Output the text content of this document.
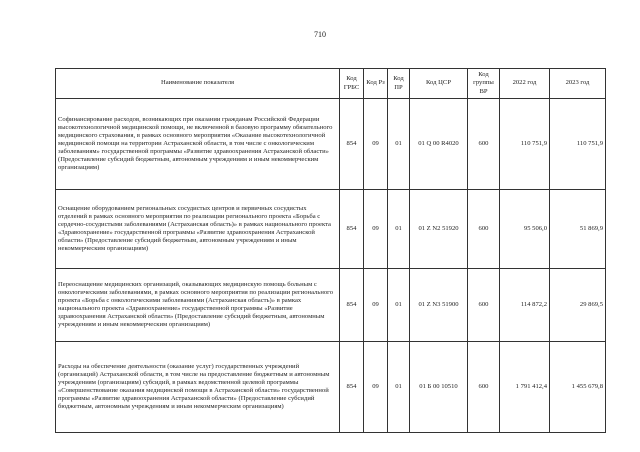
710
Наименование показателя	Код ГРБС	Код Рз	Код ПР	Код ЦСР	Код группы ВР	2022 год	2023 год
Софинансирование расходов, возникающих при оказании гражданам Российской Федерации высокотехнологичной медицинской помощи, не включенной в базовую программу обязательного медицинского страхования, в рамках основного мероприятия «Оказание высокотехнологичной медицинской помощи на территории Астраханской области, в том числе с онкологическим заболеваниям» государственной программы «Развитие здравоохранения Астраханской области» (Предоставление субсидий бюджетным, автономным учреждениям и иным некоммерческим организациям)	854	09	01	01 Q 00 R4020	600	110 751,9	110 751,9
Оснащение оборудованием региональных сосудистых центров и первичных сосудистых отделений в рамках основного мероприятия по реализации регионального проекта «Борьба с сердечно-сосудистыми заболеваниями (Астраханская область)» в рамках национального проекта «Здравоохранение» государственной программы «Развитие здравоохранения Астраханской области» (Предоставление субсидий бюджетным, автономным учреждениям и иным некоммерческим организациям)	854	09	01	01 Z N2 51920	600	95 506,0	51 869,9
Переоснащение медицинских организаций, оказывающих медицинскую помощь больным с онкологическими заболеваниями, в рамках основного мероприятия по реализации регионального проекта «Борьба с онкологическими заболеваниями (Астраханская область)» в рамках национального проекта «Здравоохранение» государственной программы «Развитие здравоохранения Астраханской области» (Предоставление субсидий бюджетным, автономным учреждениям и иным некоммерческим организациям)	854	09	01	01 Z N3 51900	600	114 872,2	29 869,5
Расходы на обеспечение деятельности (оказание услуг) государственных учреждений (организаций) Астраханской области, в том числе на предоставление бюджетным и автономным учреждениям (организациям) субсидий, в рамках ведомственной целевой программы «Совершенствование оказания медицинской помощи в Астраханской области» государственной программы «Развитие здравоохранения Астраханской области» (Предоставление субсидий бюджетным, автономным учреждениям и иным некоммерческим организациям)	854	09	01	01 Б 00 10510	600	1 791 412,4	1 455 679,8
